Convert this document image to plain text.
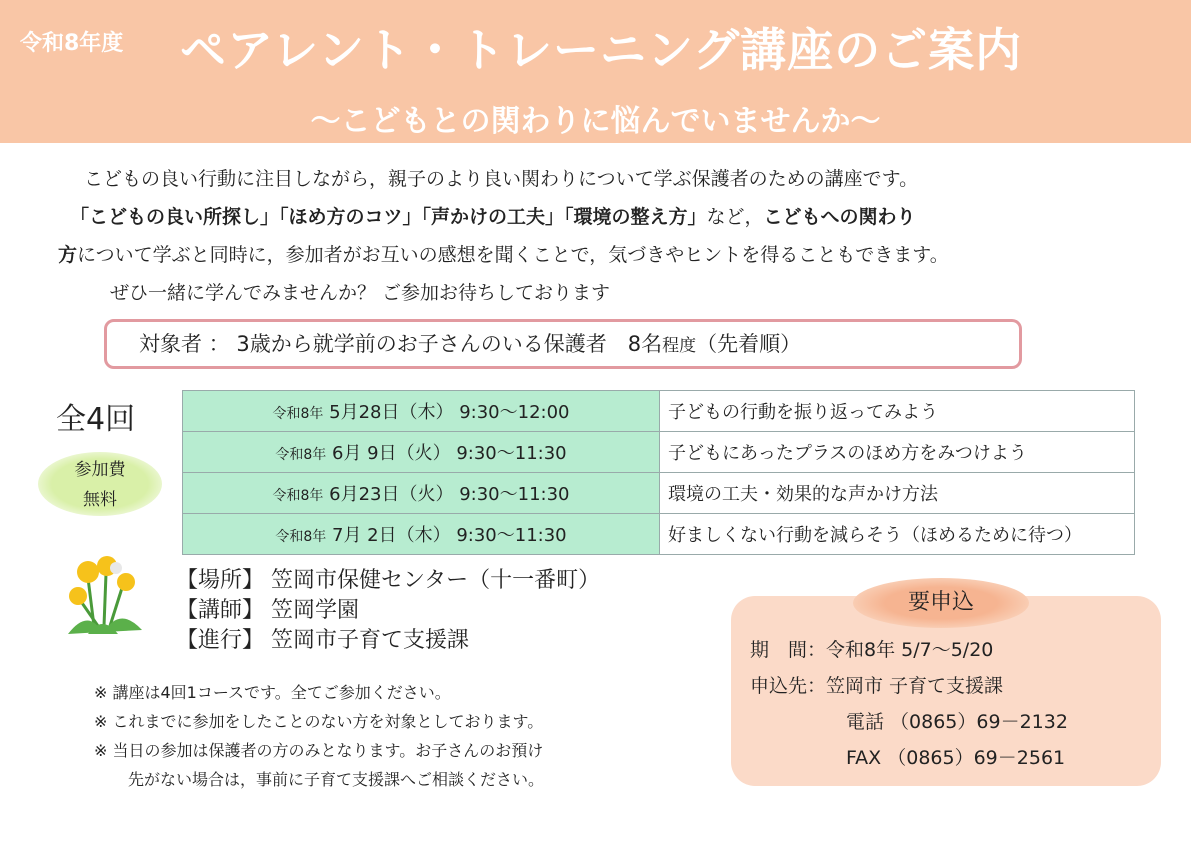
令和8年度 ペアレント・トレーニング講座のご案内
～こどもとの関わりに悩んでいませんか～

こどもの良い行動に注目しながら，親子のより良い関わりについて学ぶ保護者のための講座です。

「こどもの良い所探し」「ほめ方のコツ」「声かけの工夫」「環境の整え方」など，こどもへの関わり

方について学ぶと同時に，参加者がお互いの感想を聞くことで，気づきやヒントを得ることもできます。

ぜひ一緒に学んでみませんか？ ご参加お待ちしております

対象者 ： 3歳から就学前のお子さんのいる保護者　8名程度（先着順）
全4回
参加費
無料
令和8年 5月28日（木） 9:30～12:00	子どもの行動を振り返ってみよう
令和8年 6月 9日（火） 9:30～11:30	子どもにあったプラスのほめ方をみつけよう
令和8年 6月23日（火） 9:30～11:30	環境の工夫・効果的な声かけ方法
令和8年 7月 2日（木） 9:30～11:30	好ましくない行動を減らそう（ほめるために待つ）
【場所】 笠岡市保健センター（十一番町）
【講師】 笠岡学園
【進行】 笠岡市子育て支援課
※ 講座は4回1コースです。全てご参加ください。
※ これまでに参加をしたことのない方を対象としております。
※ 当日の参加は保護者の方のみとなります。お子さんのお預け
先がない場合は，事前に子育て支援課へご相談ください。
要申込
期　間：令和8年 5/7～5/20
申込先：笠岡市 子育て支援課
電話 （0865）69－2132
FAX （0865）69－2561
